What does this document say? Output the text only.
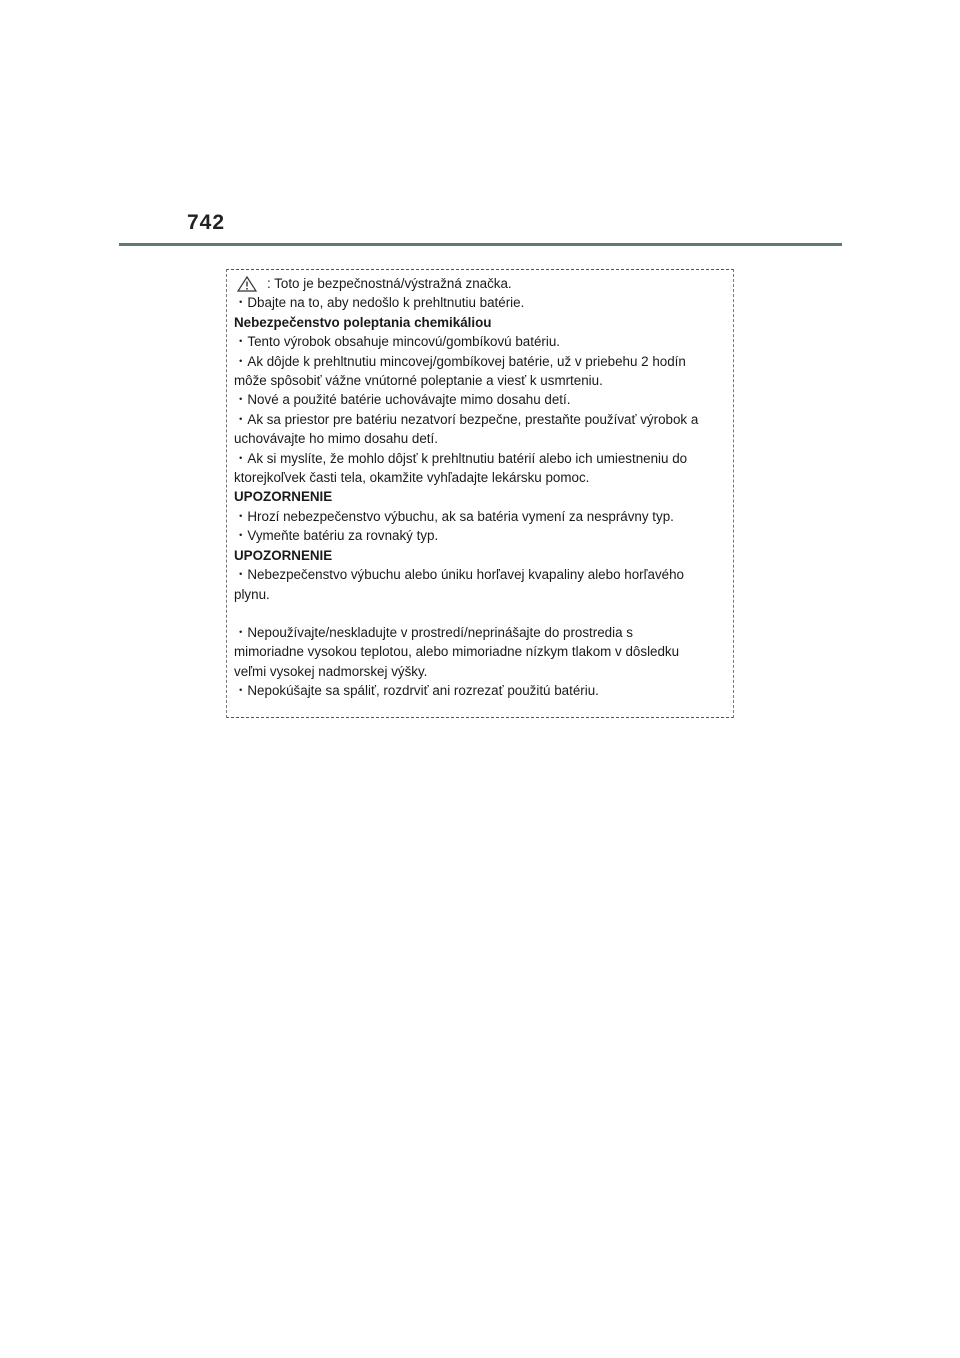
742
: Toto je bezpečnostná/výstražná značka.
・Dbajte na to, aby nedošlo k prehltnutiu batérie.
Nebezpečenstvo poleptania chemikáliou
・Tento výrobok obsahuje mincovú/gombíkovú batériu.
・Ak dôjde k prehltnutiu mincovej/gombíkovej batérie, už v priebehu 2 hodín
môže spôsobiť vážne vnútorné poleptanie a viesť k usmrteniu.
・Nové a použité batérie uchovávajte mimo dosahu detí.
・Ak sa priestor pre batériu nezatvorí bezpečne, prestaňte používať výrobok a
uchovávajte ho mimo dosahu detí.
・Ak si myslíte, že mohlo dôjsť k prehltnutiu batérií alebo ich umiestneniu do
ktorejkoľvek časti tela, okamžite vyhľadajte lekársku pomoc.
UPOZORNENIE
・Hrozí nebezpečenstvo výbuchu, ak sa batéria vymení za nesprávny typ.
・Vymeňte batériu za rovnaký typ.
UPOZORNENIE
・Nebezpečenstvo výbuchu alebo úniku horľavej kvapaliny alebo horľavého
plynu.
・Nepoužívajte/neskladujte v prostredí/neprinášajte do prostredia s
mimoriadne vysokou teplotou, alebo mimoriadne nízkym tlakom v dôsledku
veľmi vysokej nadmorskej výšky.
・Nepokúšajte sa spáliť, rozdrviť ani rozrezať použitú batériu.
